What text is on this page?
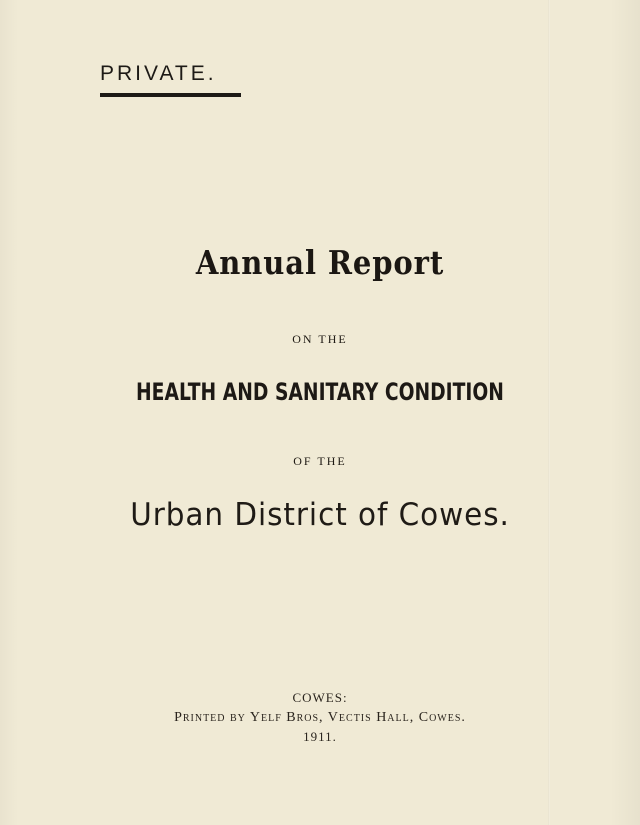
PRIVATE.
Annual Report
ON THE
HEALTH AND SANITARY CONDITION
OF THE
Urban District of Cowes.
COWES:
Printed by Yelf Bros, Vectis Hall, Cowes.
1911.
